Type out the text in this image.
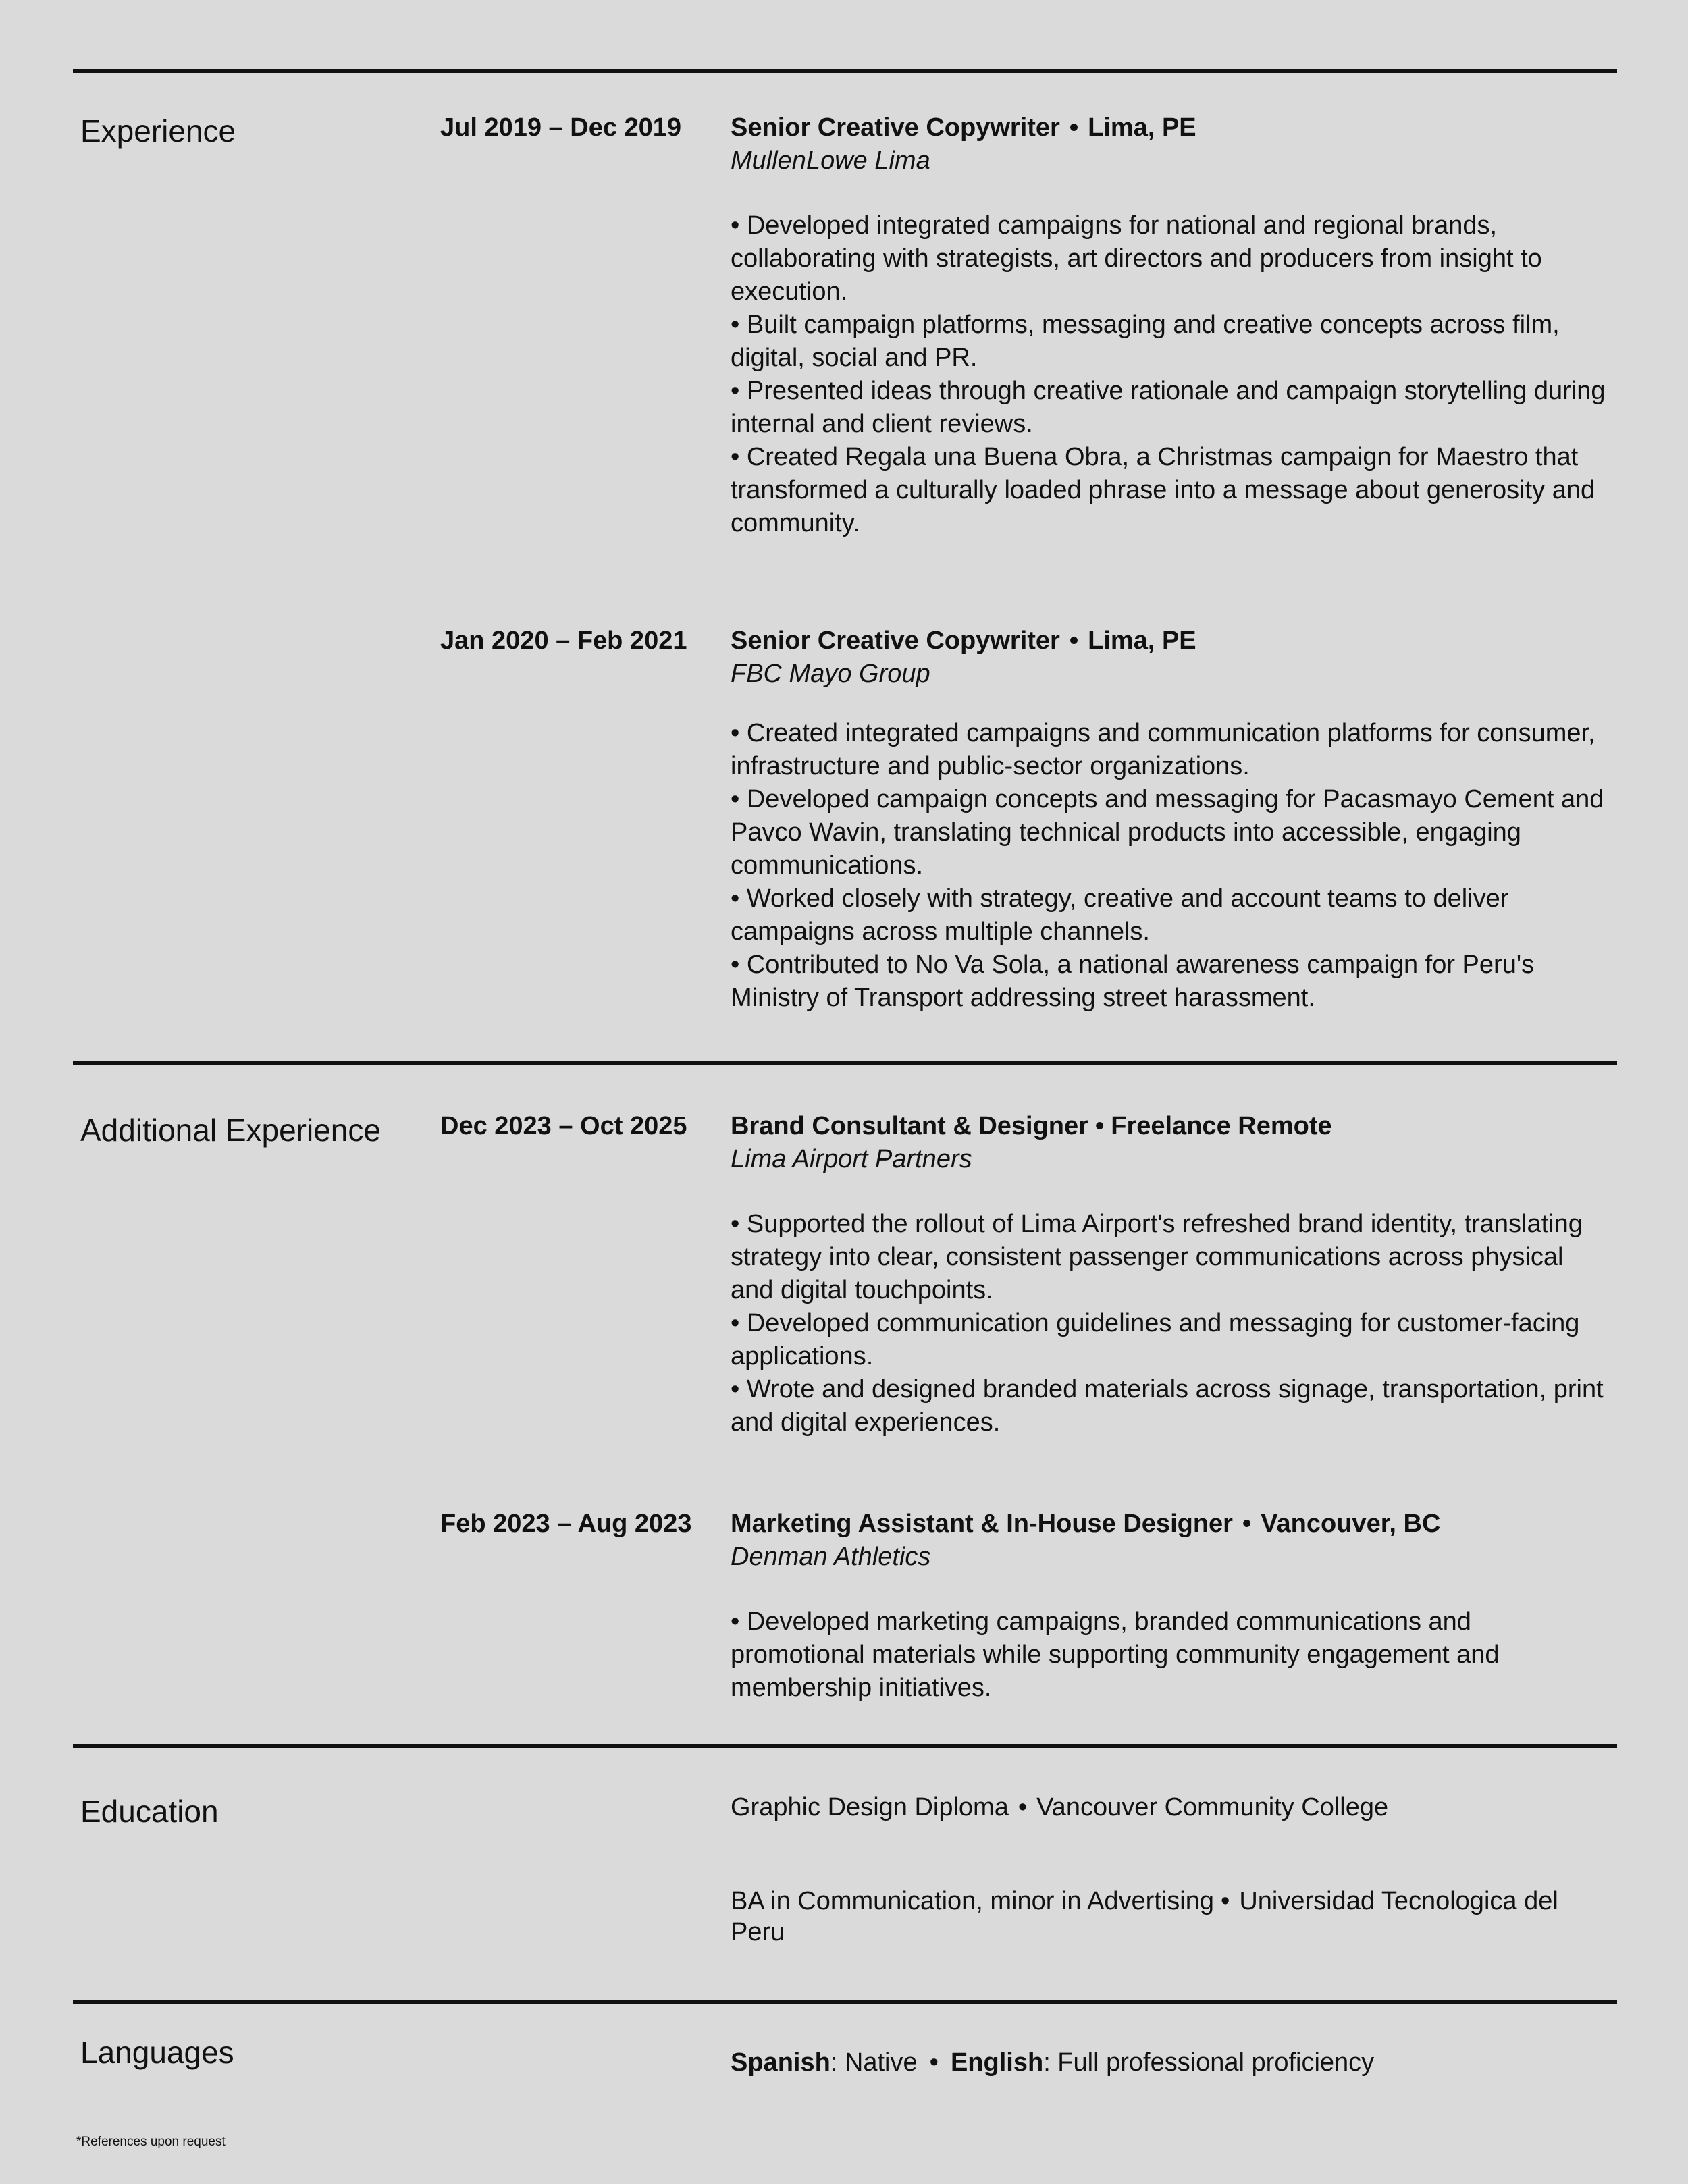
Experience	Jul 2019 – Dec 2019 Senior Creative Copywriter • Lima, PE
MullenLowe Lima
• Developed integrated campaigns for national and regional brands, collaborating with strategists, art directors and producers from insight to execution.
• Built campaign platforms, messaging and creative concepts across film, digital, social and PR.
• Presented ideas through creative rationale and campaign storytelling during internal and client reviews.
• Created Regala una Buena Obra, a Christmas campaign for Maestro that transformed a culturally loaded phrase into a message about generosity and community.
Jan 2020 – Feb 2021 Senior Creative Copywriter • Lima, PE
FBC Mayo Group
• Created integrated campaigns and communication platforms for consumer, infrastructure and public-sector organizations.
• Developed campaign concepts and messaging for Pacasmayo Cement and Pavco Wavin, translating technical products into accessible, engaging communications.
• Worked closely with strategy, creative and account teams to deliver campaigns across multiple channels.
• Contributed to No Va Sola, a national awareness campaign for Peru's Ministry of Transport addressing street harassment.
Additional Experience Dec 2023 – Oct 2025 Brand Consultant & Designer • Freelance Remote
Lima Airport Partners
• Supported the rollout of Lima Airport's refreshed brand identity, translating strategy into clear, consistent passenger communications across physical and digital touchpoints.
• Developed communication guidelines and messaging for customer-facing applications.
• Wrote and designed branded materials across signage, transportation, print and digital experiences.
Feb 2023 – Aug 2023 Marketing Assistant & In-House Designer • Vancouver, BC
Denman Athletics
• Developed marketing campaigns, branded communications and promotional materials while supporting community engagement and membership initiatives.
Education	Graphic Design Diploma • Vancouver Community College
BA in Communication, minor in Advertising • Universidad Tecnologica del Peru
Languages	Spanish: Native • English: Full professional proficiency
*References upon request
